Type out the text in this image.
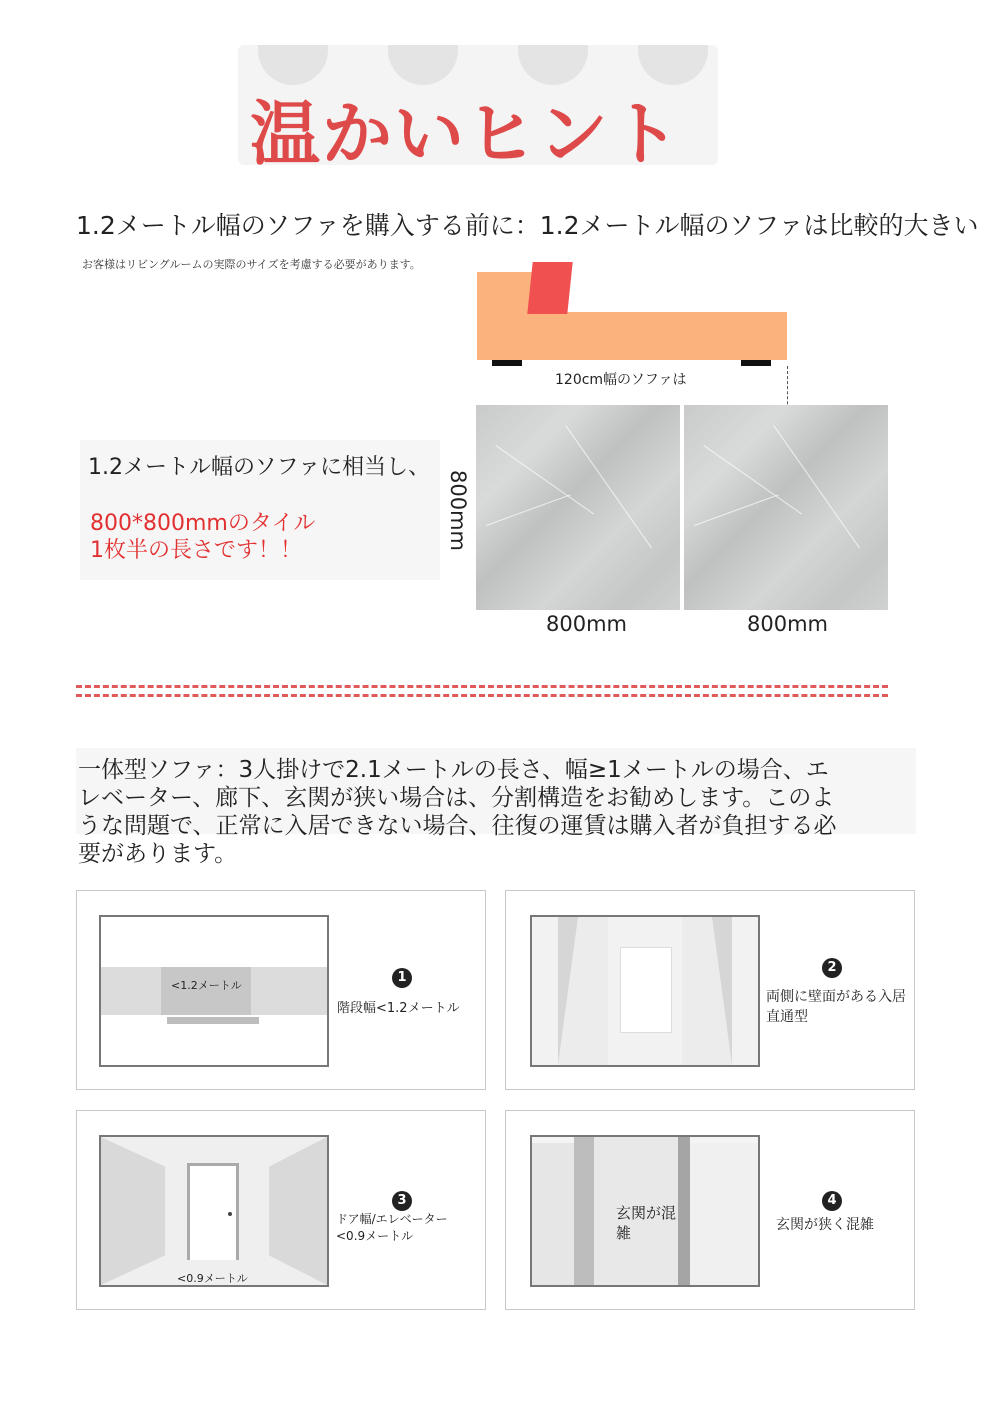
温かいヒント
1.2メートル幅のソファを購入する前に：1.2メートル幅のソファは比較的大きい
お客様はリビングルームの実際のサイズを考慮する必要があります。
120cm幅のソファは
800mm	800mm
800mm
1.2メートル幅のソファに相当し、
800*800mmのタイル
1枚半の長さです！！
一体型ソファ：3人掛けで2.1メートルの長さ、幅≥1メートルの場合、エレベーター、廊下、玄関が狭い場合は、分割構造をお勧めします。このような問題で、正常に入居できない場合、往復の運賃は購入者が負担する必要があります。
<1.2メートル
1
階段幅<1.2メートル
2
両側に壁面がある入居直通型
<0.9メートル
3
ドア幅/エレベーター<0.9メートル
玄関が混雑
4
玄関が狭く混雑
